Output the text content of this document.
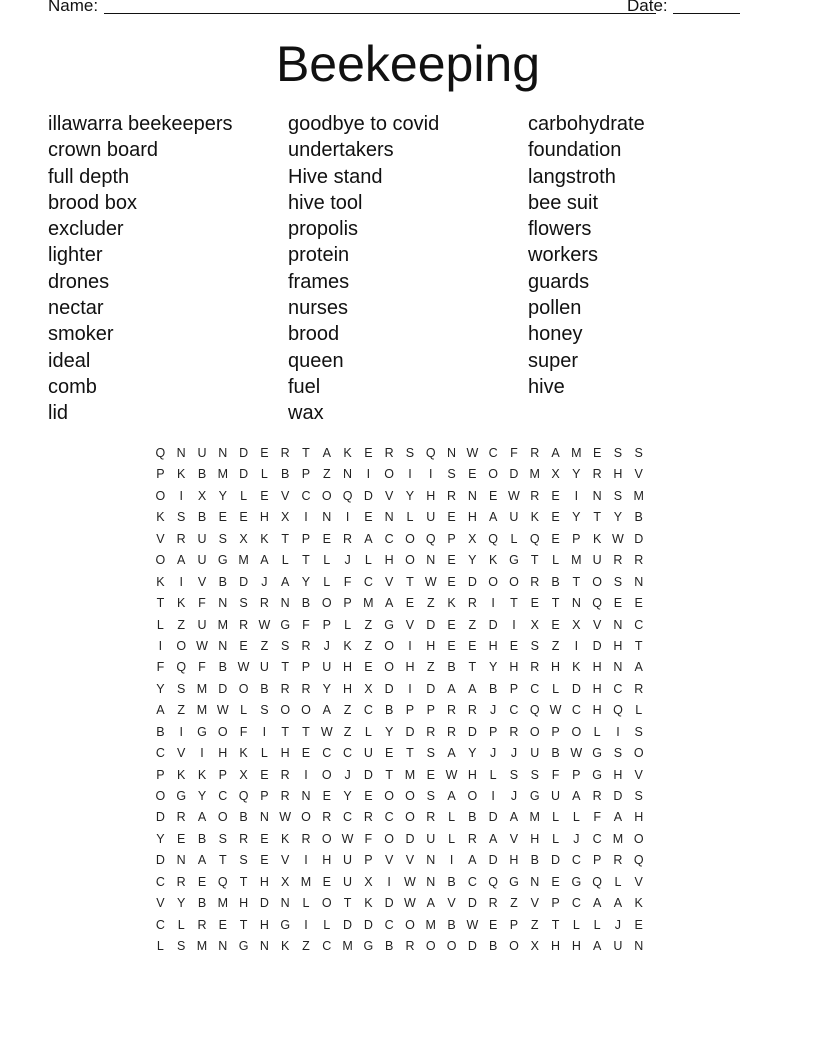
Name:	Date:
Beekeeping
illawarra beekeepers
crown board
full depth
brood box
excluder
lighter
drones
nectar
smoker
ideal
comb
lid
goodbye to covid
undertakers
Hive stand
hive tool
propolis
protein
frames
nurses
brood
queen
fuel
wax
carbohydrate
foundation
langstroth
bee suit
flowers
workers
guards
pollen
honey
super
hive
Q N U N D E R T	A K E R S Q N W C F R A M E S S
P K B M D	L	B P	Z N	I	O	I	I	S E O D M X Y R H V
O	I	X Y	L	E V C O Q D V Y H R N E W R E	I	N S M
K S B E E H X	I	N	I	E N	L	U E H A U K E Y	T	Y B
V R U S X K	T	P E R A C O Q P X Q L Q E P K W D
O A U G M A	L	T	L	J	L	H O N E Y K G T	L M U R R
K	I	V B D	J	A Y	L	F C V	T W E D O O R B	T O S N
T	K	F N S R N B O P M A E	Z	K R	I	T	E	T N Q E E
L	Z U M R W G F	P	L	Z G V D E	Z D	I	X E X V N C
I	O W N E	Z	S R	J	K	Z O	I	H E E H E S	Z	I	D H T
F Q F	B W U T	P U H E O H Z	B	T	Y H R H K H N A
Y S M D O B R R Y H X D	I	D A A B P C	L	D H C R
A	Z M W L	S O O A	Z C B P P R R	J	C Q W C H Q L
B	I	G O F	I	T	T W Z	L	Y D R R D P R O P O L	I	S
C V	I	H K	L	H E C C U E	T	S A Y	J	J	U B W G S O
P K K P X E R	I	O	J	D T M E W H	L	S S	F	P G H V
O G Y C Q P R N E Y E O O S A O	I	J	G U A R D S
D R A O B N W O R C R C O R	L	B D A M L	L	F	A H
Y E B S R E K R O W F O D U	L	R A V H	L	J	C M O
D N A	T	S E V	I	H U P V V N	I	A D H B D C P R Q
C R E Q T H X M E U X	I	W N B C Q G N E G Q L	V
V Y B M H D N	L O T	K D W A V D R Z	V P C A A K
C	L	R E	T H G	I	L	D D C O M B W E P	Z	T	L	L	J	E
L	S M N G N K	Z C M G B R O O D B O X H H A U N
